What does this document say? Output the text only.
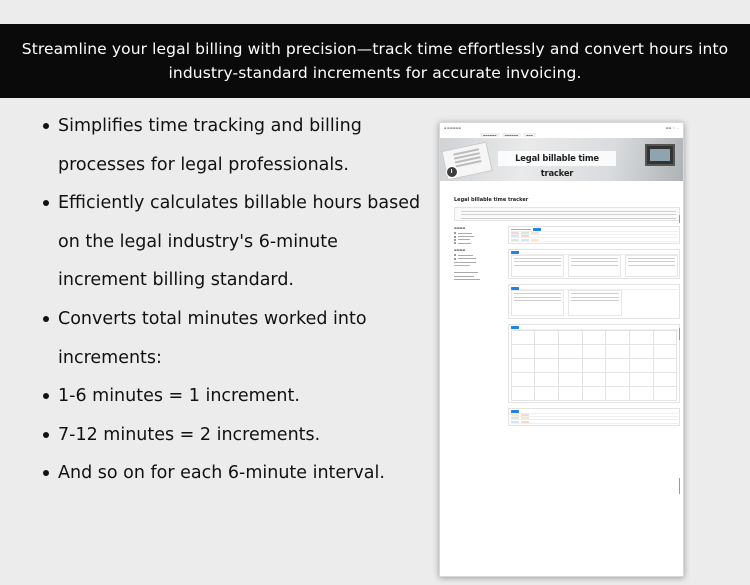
Streamline your legal billing with precision—track time effortlessly and convert hours into industry-standard increments for accurate invoicing.

Simplifies time tracking and billing processes for legal professionals.
Efficiently calculates billable hours based on the legal industry's 6-minute increment billing standard.
Converts total minutes worked into increments:
1-6 minutes = 1 increment.
7-12 minutes = 2 increments.
And so on for each 6-minute interval.
▪ ▬▬▬▬▬	▬▬ ☆ ⋯
▬▬▬▬▬▬	▬▬▬▬▬▬	▬▬▬
Legal billable time tracker
Legal billable time tracker
▬▬▬▬
▬▬▬▬
